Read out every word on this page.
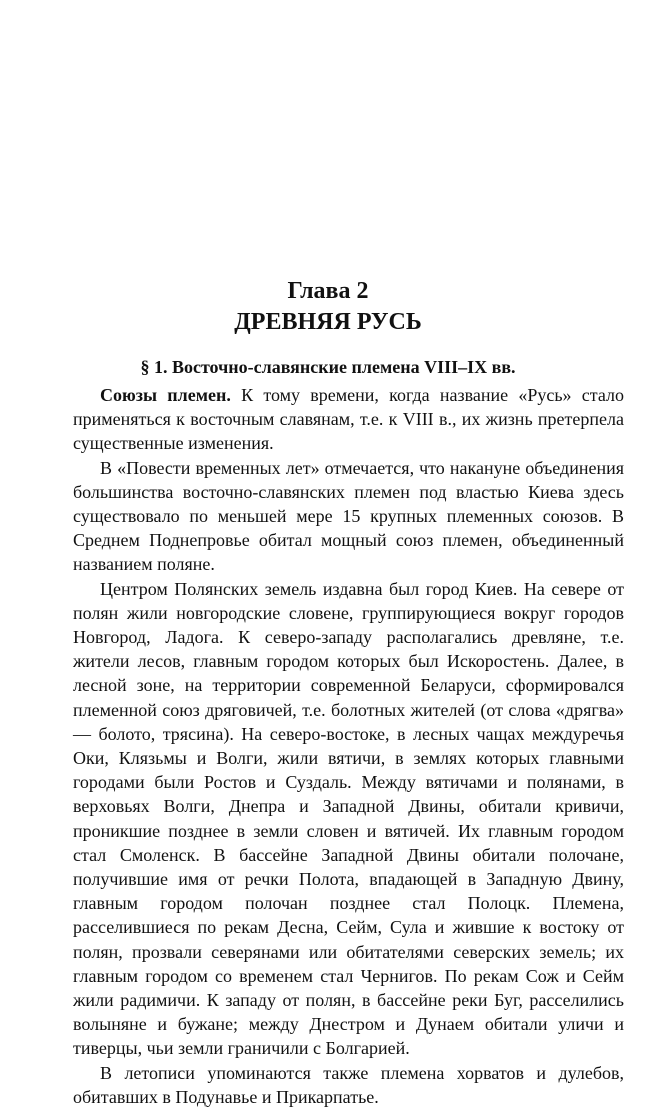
Глава 2
ДРЕВНЯЯ РУСЬ
§ 1. Восточно-славянские племена VIII–IX вв.

Союзы племен. К тому времени, когда название «Русь» стало применяться к восточным славянам, т.е. к VIII в., их жизнь претерпела существенные изменения.

В «Повести временных лет» отмечается, что накануне объединения большинства восточно-славянских племен под властью Киева здесь существовало по меньшей мере 15 крупных племенных союзов. В Среднем Поднепровье обитал мощный союз племен, объединенный названием поляне.

Центром Полянских земель издавна был город Киев. На севере от полян жили новгородские словене, группирующиеся вокруг городов Новгород, Ладога. К северо-западу располагались древляне, т.е. жители лесов, главным городом которых был Искоростень. Далее, в лесной зоне, на территории современной Беларуси, сформировался племенной союз дряговичей, т.е. болотных жителей (от слова «дрягва» — болото, трясина). На северо-востоке, в лесных чащах междуречья Оки, Клязьмы и Волги, жили вятичи, в землях которых главными городами были Ростов и Суздаль. Между вятичами и полянами, в верховьях Волги, Днепра и Западной Двины, обитали кривичи, проникшие позднее в земли словен и вятичей. Их главным городом стал Смоленск. В бассейне Западной Двины обитали полочане, получившие имя от речки Полота, впадающей в Западную Двину, главным городом полочан позднее стал Полоцк. Племена, расселившиеся по рекам Десна, Сейм, Сула и жившие к востоку от полян, прозвали северянами или обитателями северских земель; их главным городом со временем стал Чернигов. По рекам Сож и Сейм жили радимичи. К западу от полян, в бассейне реки Буг, расселились волыняне и бужане; между Днестром и Дунаем обитали уличи и тиверцы, чьи земли граничили с Болгарией.

В летописи упоминаются также племена хорватов и дулебов, обитавших в Подунавье и Прикарпатье.
